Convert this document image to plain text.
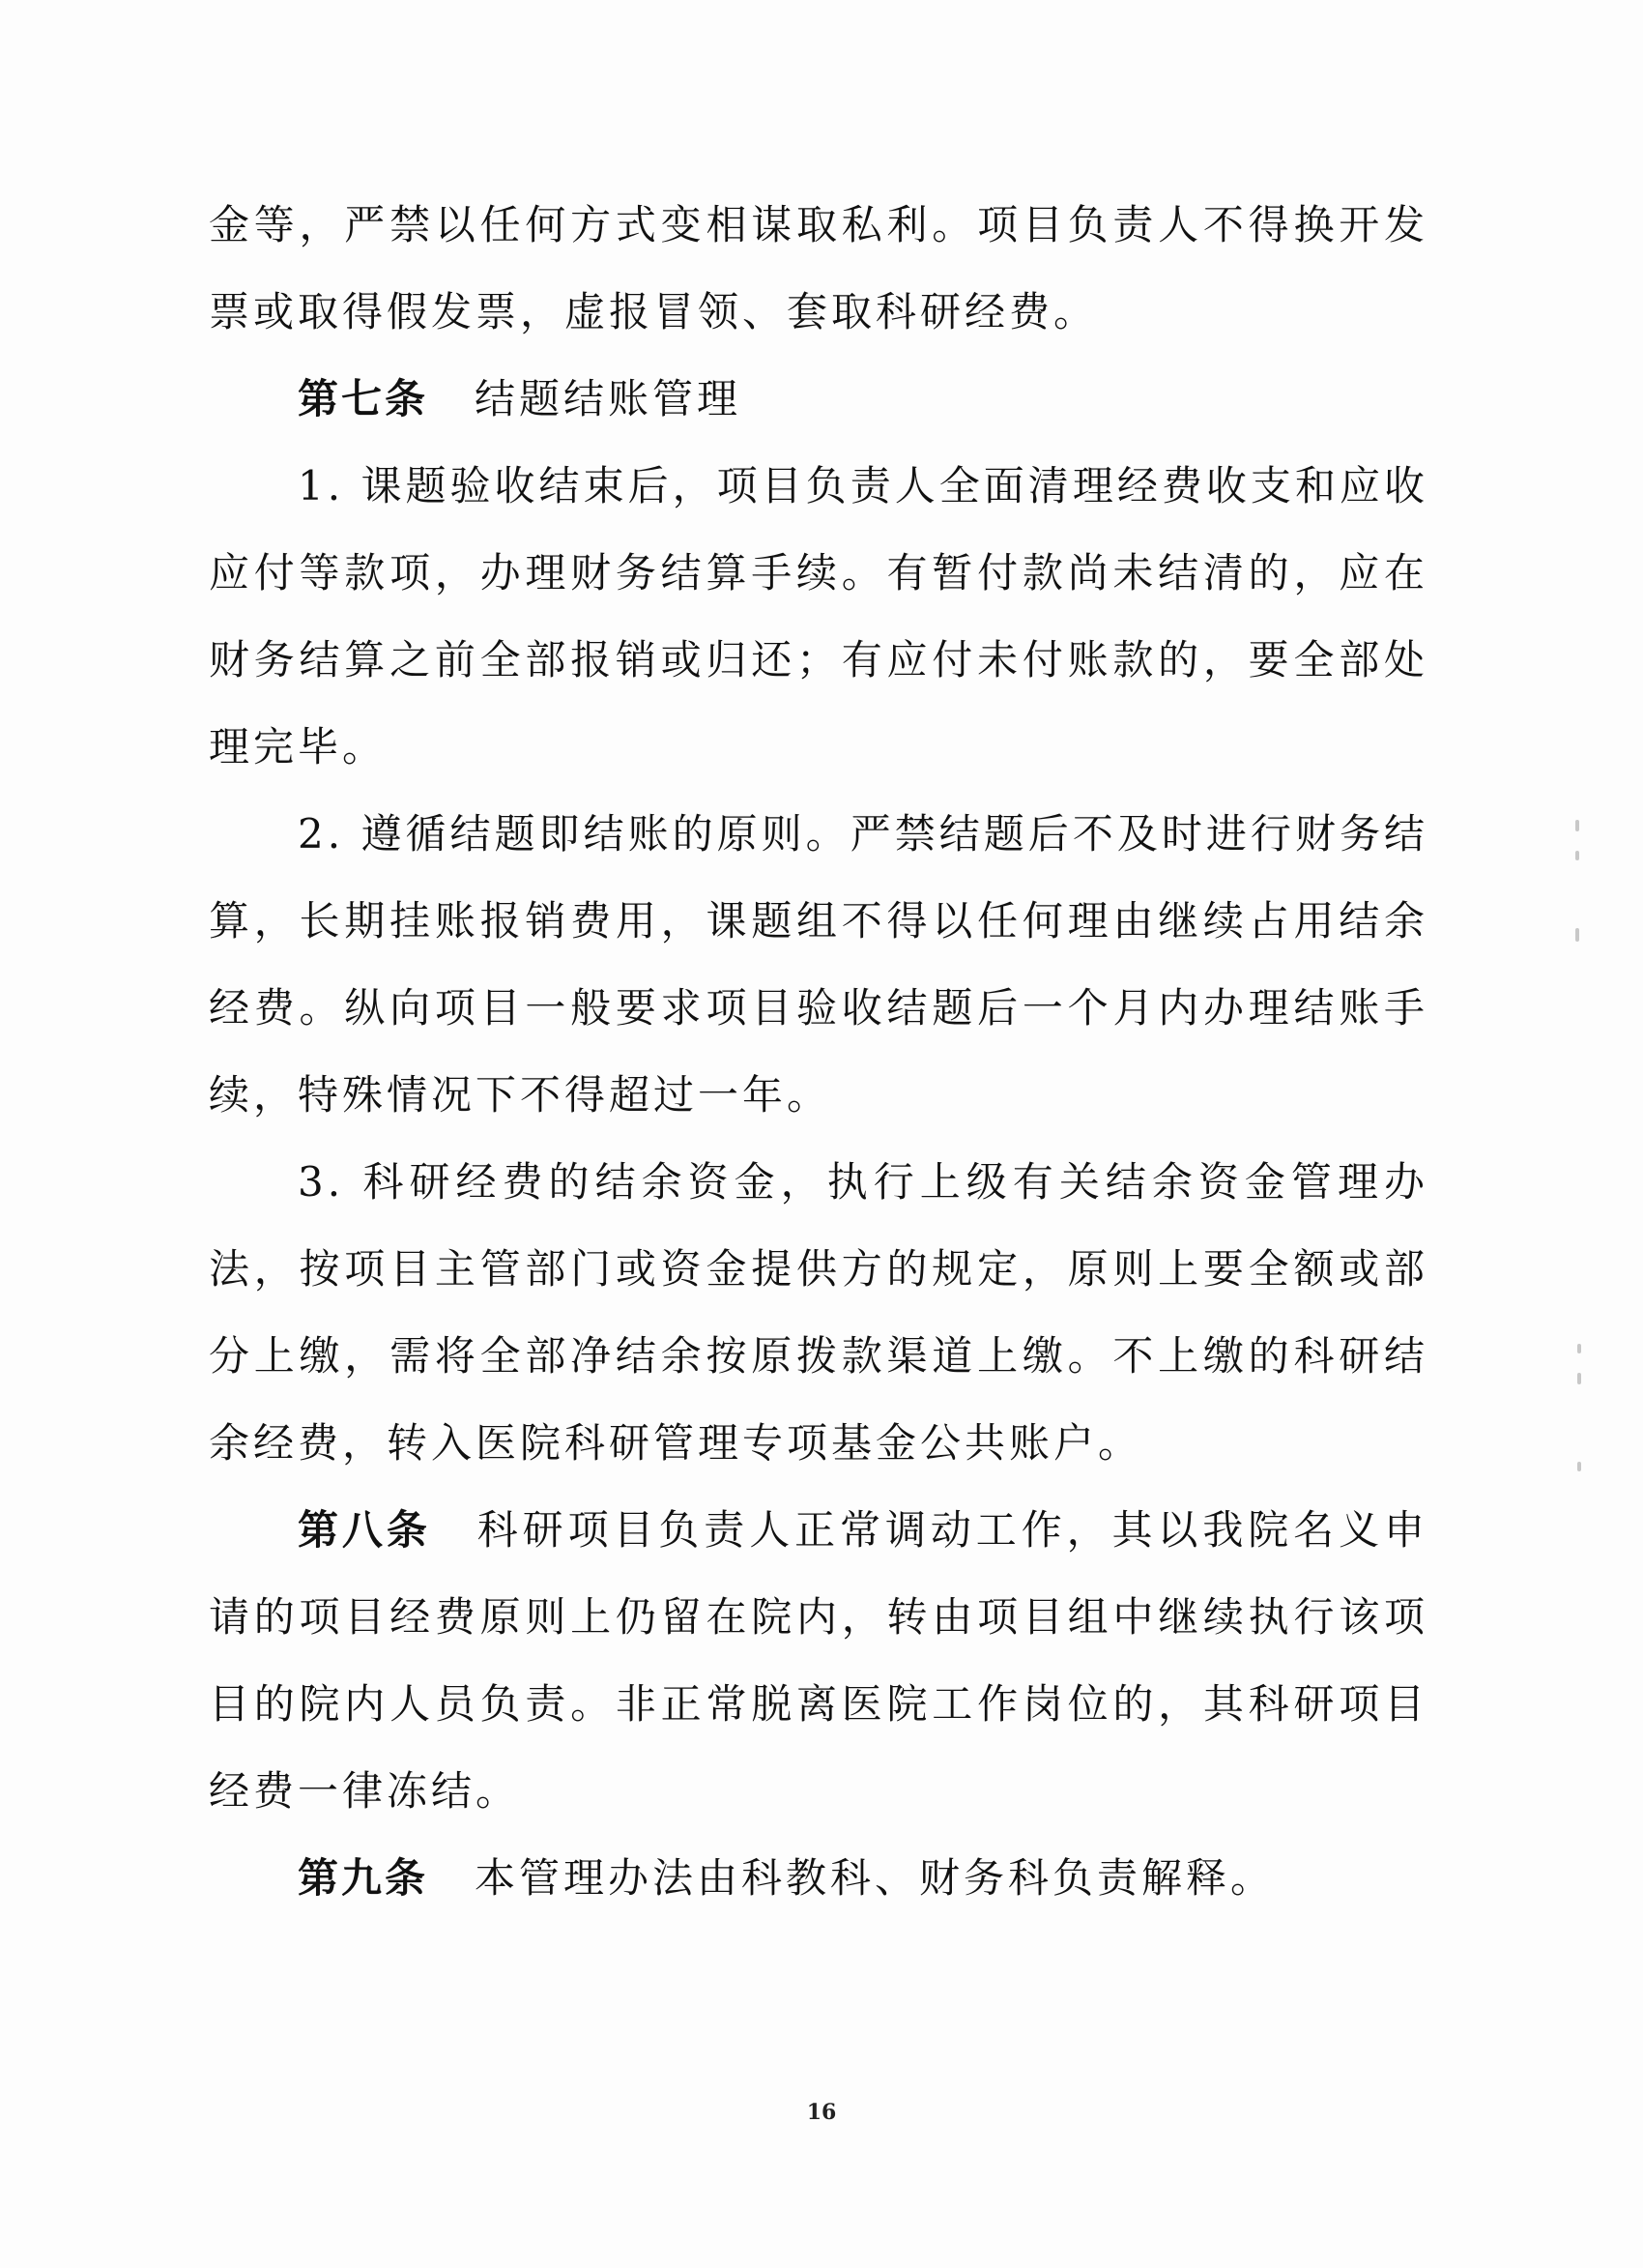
金等，严禁以任何方式变相谋取私利。项目负责人不得换开发票或取得假发票，虚报冒领、套取科研经费。

第七条 结题结账管理

1. 课题验收结束后，项目负责人全面清理经费收支和应收应付等款项，办理财务结算手续。有暂付款尚未结清的，应在财务结算之前全部报销或归还；有应付未付账款的，要全部处理完毕。

2. 遵循结题即结账的原则。严禁结题后不及时进行财务结算，长期挂账报销费用，课题组不得以任何理由继续占用结余经费。纵向项目一般要求项目验收结题后一个月内办理结账手续，特殊情况下不得超过一年。

3. 科研经费的结余资金，执行上级有关结余资金管理办法，按项目主管部门或资金提供方的规定，原则上要全额或部分上缴，需将全部净结余按原拨款渠道上缴。不上缴的科研结余经费，转入医院科研管理专项基金公共账户。

第八条 科研项目负责人正常调动工作，其以我院名义申请的项目经费原则上仍留在院内，转由项目组中继续执行该项目的院内人员负责。非正常脱离医院工作岗位的，其科研项目经费一律冻结。

第九条 本管理办法由科教科、财务科负责解释。

16
